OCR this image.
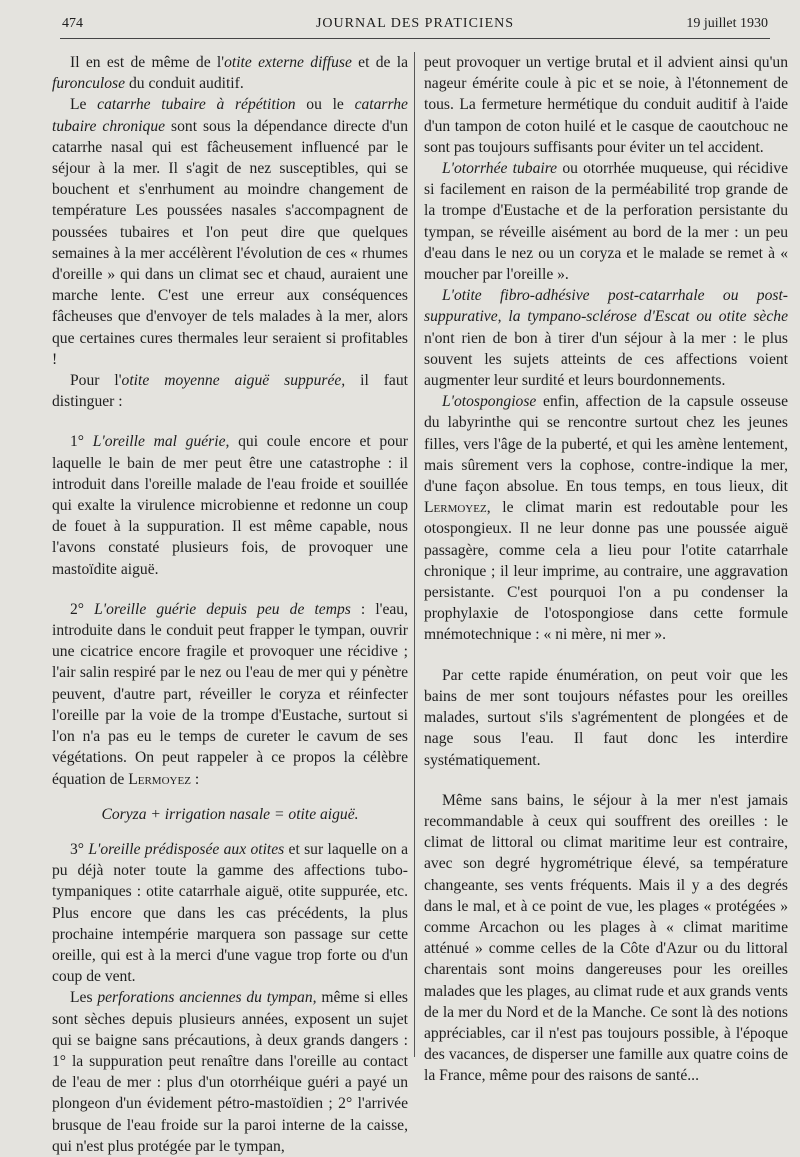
474	JOURNAL DES PRATICIENS	19 juillet 1930

Il en est de même de l'otite externe diffuse et de la furonculose du conduit auditif.

Le catarrhe tubaire à répétition ou le catarrhe tubaire chronique sont sous la dépendance directe d'un catarrhe nasal qui est fâcheusement influencé par le séjour à la mer. Il s'agit de nez susceptibles, qui se bouchent et s'enrhument au moindre changement de température Les poussées nasales s'accompagnent de poussées tubaires et l'on peut dire que quelques semaines à la mer accélèrent l'évolution de ces « rhumes d'oreille » qui dans un climat sec et chaud, auraient une marche lente. C'est une erreur aux conséquences fâcheuses que d'envoyer de tels malades à la mer, alors que certaines cures thermales leur seraient si profitables !

Pour l'otite moyenne aiguë suppurée, il faut distinguer :

1° L'oreille mal guérie, qui coule encore et pour laquelle le bain de mer peut être une catastrophe : il introduit dans l'oreille malade de l'eau froide et souillée qui exalte la virulence microbienne et redonne un coup de fouet à la suppuration. Il est même capable, nous l'avons constaté plusieurs fois, de provoquer une mastoïdite aiguë.

2° L'oreille guérie depuis peu de temps : l'eau, introduite dans le conduit peut frapper le tympan, ouvrir une cicatrice encore fragile et provoquer une récidive ; l'air salin respiré par le nez ou l'eau de mer qui y pénètre peuvent, d'autre part, réveiller le coryza et réinfecter l'oreille par la voie de la trompe d'Eustache, surtout si l'on n'a pas eu le temps de cureter le cavum de ses végétations. On peut rappeler à ce propos la célèbre équation de Lermoyez :

Coryza + irrigation nasale = otite aiguë.

3° L'oreille prédisposée aux otites et sur laquelle on a pu déjà noter toute la gamme des affections tubo-tympaniques : otite catarrhale aiguë, otite suppurée, etc. Plus encore que dans les cas précédents, la plus prochaine intempérie marquera son passage sur cette oreille, qui est à la merci d'une vague trop forte ou d'un coup de vent.

Les perforations anciennes du tympan, même si elles sont sèches depuis plusieurs années, exposent un sujet qui se baigne sans précautions, à deux grands dangers : 1° la suppuration peut renaître dans l'oreille au contact de l'eau de mer : plus d'un otorrhéique guéri a payé un plongeon d'un évidement pétro-mastoïdien ; 2° l'arrivée brusque de l'eau froide sur la paroi interne de la caisse, qui n'est plus protégée par le tympan,

peut provoquer un vertige brutal et il advient ainsi qu'un nageur émérite coule à pic et se noie, à l'étonnement de tous. La fermeture hermétique du conduit auditif à l'aide d'un tampon de coton huilé et le casque de caoutchouc ne sont pas toujours suffisants pour éviter un tel accident.

L'otorrhée tubaire ou otorrhée muqueuse, qui récidive si facilement en raison de la perméabilité trop grande de la trompe d'Eustache et de la perforation persistante du tympan, se réveille aisément au bord de la mer : un peu d'eau dans le nez ou un coryza et le malade se remet à « moucher par l'oreille ».

L'otite fibro-adhésive post-catarrhale ou post-suppurative, la tympano-sclérose d'Escat ou otite sèche n'ont rien de bon à tirer d'un séjour à la mer : le plus souvent les sujets atteints de ces affections voient augmenter leur surdité et leurs bourdonnements.

L'otospongiose enfin, affection de la capsule osseuse du labyrinthe qui se rencontre surtout chez les jeunes filles, vers l'âge de la puberté, et qui les amène lentement, mais sûrement vers la cophose, contre-indique la mer, d'une façon absolue. En tous temps, en tous lieux, dit Lermoyez, le climat marin est redoutable pour les otospongieux. Il ne leur donne pas une poussée aiguë passagère, comme cela a lieu pour l'otite catarrhale chronique ; il leur imprime, au contraire, une aggravation persistante. C'est pourquoi l'on a pu condenser la prophylaxie de l'otospongiose dans cette formule mnémotechnique : « ni mère, ni mer ».

Par cette rapide énumération, on peut voir que les bains de mer sont toujours néfastes pour les oreilles malades, surtout s'ils s'agrémentent de plongées et de nage sous l'eau. Il faut donc les interdire systématiquement.

Même sans bains, le séjour à la mer n'est jamais recommandable à ceux qui souffrent des oreilles : le climat de littoral ou climat maritime leur est contraire, avec son degré hygrométrique élevé, sa température changeante, ses vents fréquents. Mais il y a des degrés dans le mal, et à ce point de vue, les plages « protégées » comme Arcachon ou les plages à « climat maritime atténué » comme celles de la Côte d'Azur ou du littoral charentais sont moins dangereuses pour les oreilles malades que les plages, au climat rude et aux grands vents de la mer du Nord et de la Manche. Ce sont là des notions appréciables, car il n'est pas toujours possible, à l'époque des vacances, de disperser une famille aux quatre coins de la France, même pour des raisons de santé...
